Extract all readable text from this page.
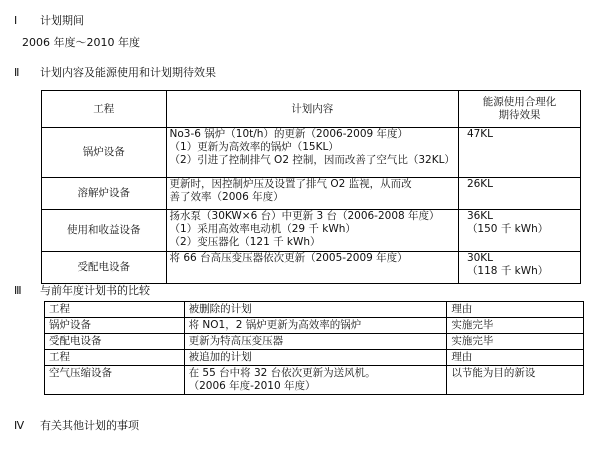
Ⅰ 计划期间
2006 年度～2010 年度
Ⅱ 计划内容及能源使用和计划期待效果
工程	计划内容	能源使用合理化
期待效果

锅炉设备	No3-6 锅炉（10t/h）的更新（2006-2009 年度）
（1）更新为高效率的锅炉（15KL）
（2）引进了控制排气 O2 控制，因而改善了空气比（32KL）	47KL

溶解炉设备	更新时，因控制炉压及设置了排气 O2 监视，从而改
善了效率（2006 年度）	26KL

使用和收益设备	扬水泵（30KW×6 台）中更新 3 台（2006-2008 年度）
（1）采用高效率电动机（29 千 kWh）
（2）变压器化（121 千 kWh）	36KL
（150 千 kWh）

受配电设备	将 66 台高压变压器依次更新（2005-2009 年度）	30KL
（118 千 kWh）
Ⅲ 与前年度计划书的比较
工程	被删除的计划	理由
锅炉设备	将 NO1，2 锅炉更新为高效率的锅炉	实施完毕
受配电设备	更新为特高压变压器	实施完毕
工程	被追加的计划	理由
空气压缩设备	在 55 台中将 32 台依次更新为送风机。
（2006 年度-2010 年度）	以节能为目的新设
Ⅳ 有关其他计划的事项
